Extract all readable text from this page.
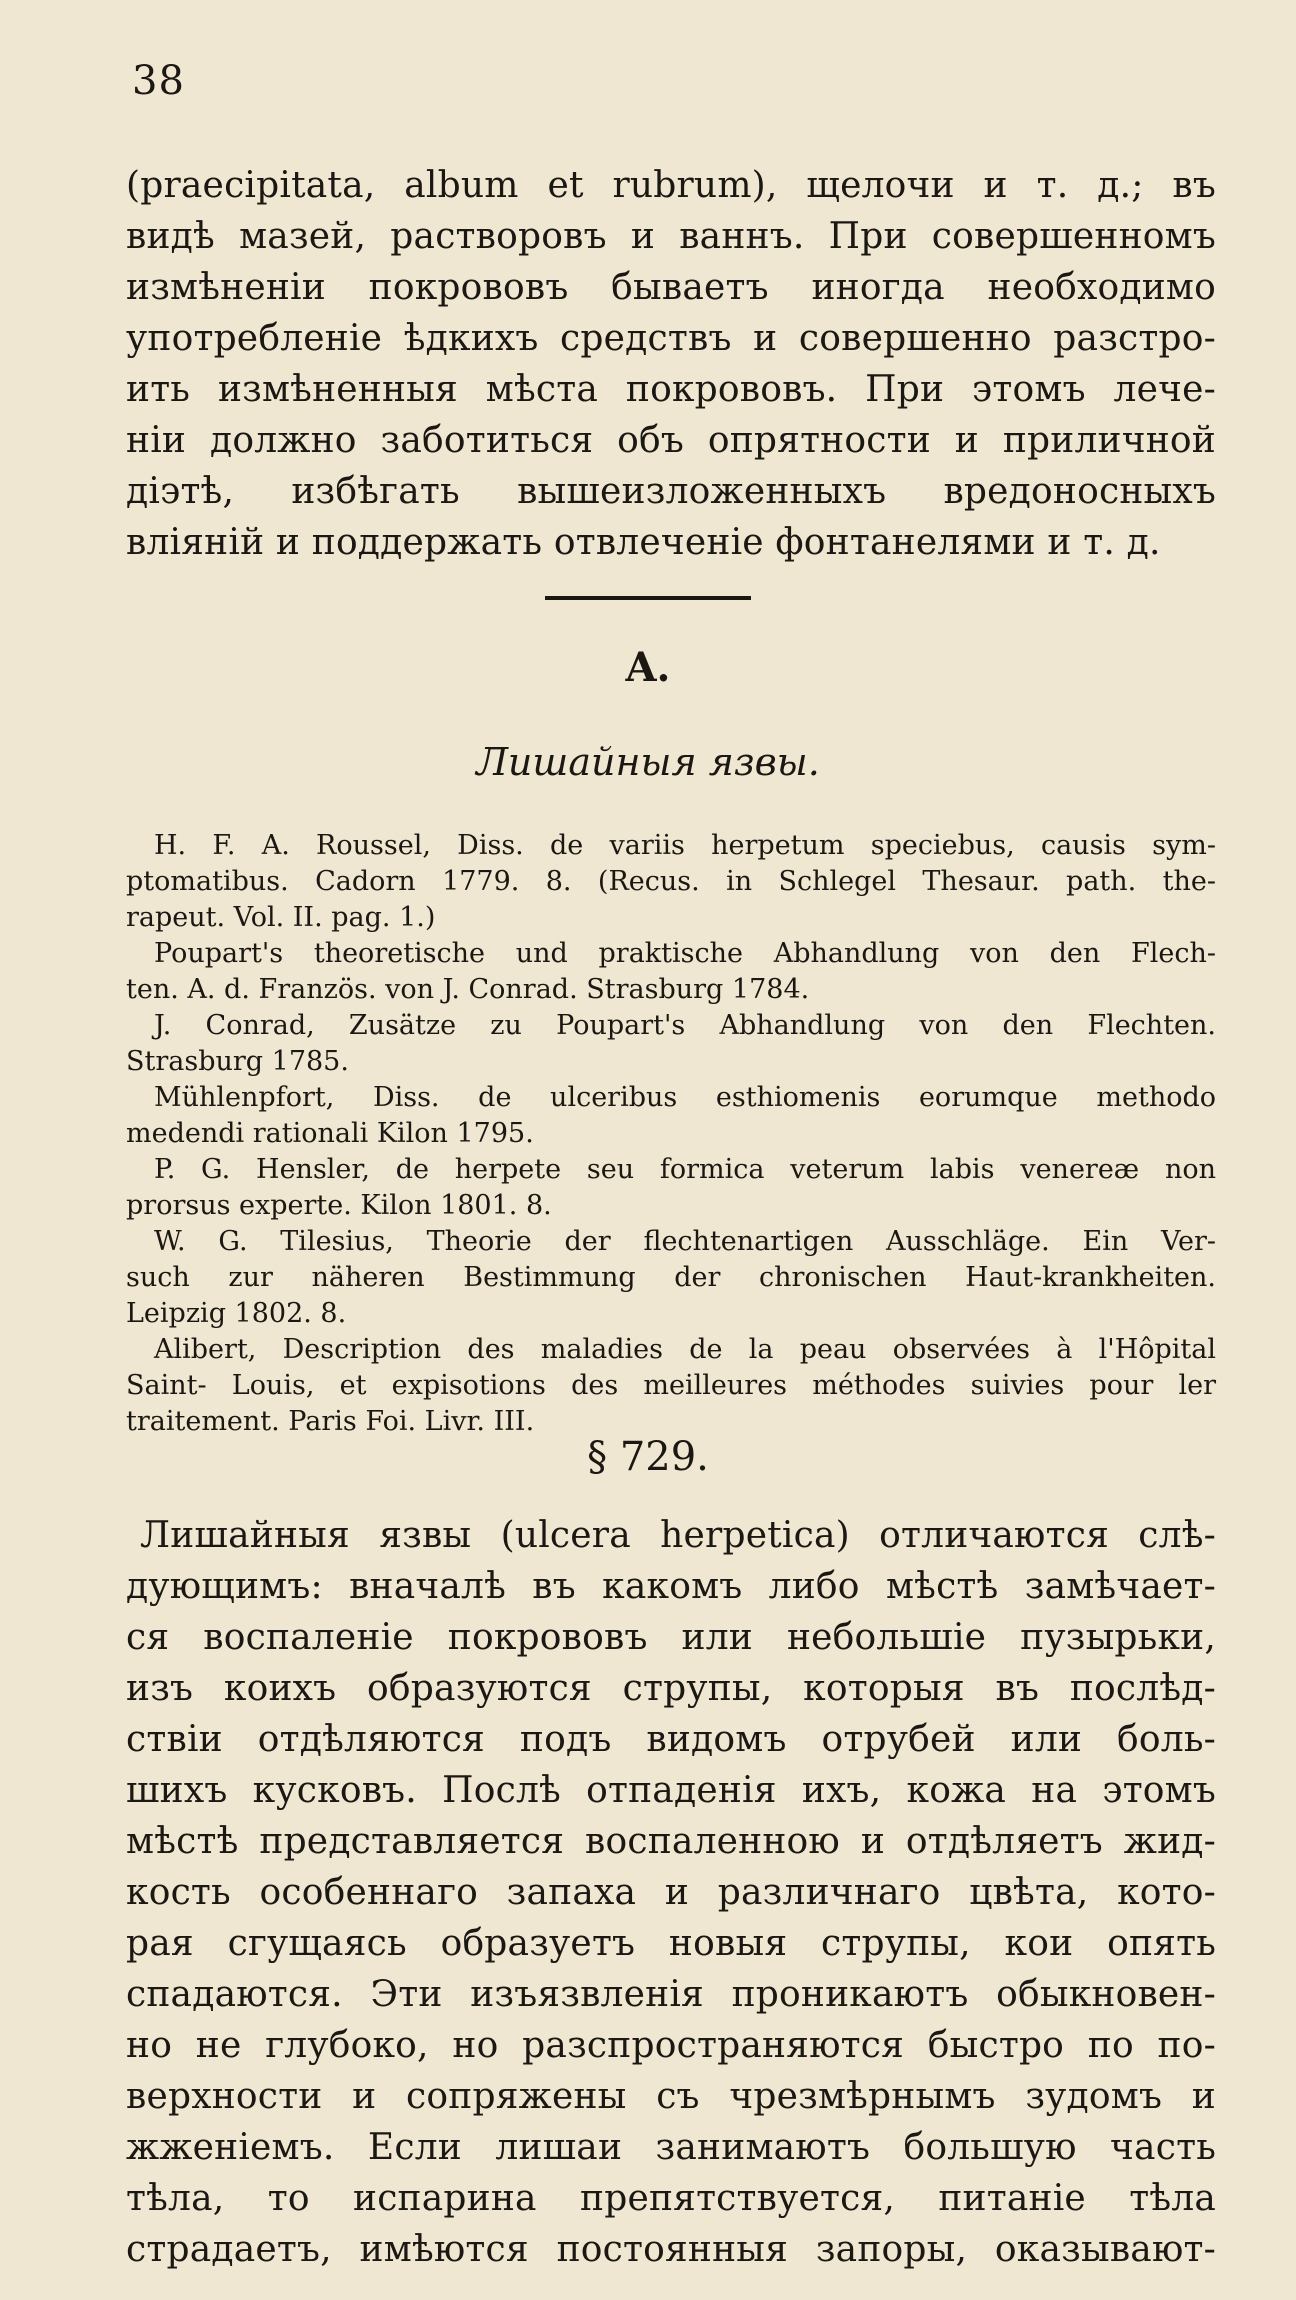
38
(praecipitata, album et rubrum), щелочи и т. д.; въ
видѣ мазей, растворовъ и ваннъ. При совершенномъ
измѣненіи покрововъ бываетъ иногда необходимо
употребленіе ѣдкихъ средствъ и совершенно разстро-
ить измѣненныя мѣста покрововъ. При этомъ лече-
ніи должно заботиться объ опрятности и приличной
діэтѣ, избѣгать вышеизложенныхъ вредоносныхъ
вліяній и поддержать отвлеченіе фонтанелями и т. д.
A.
Лишайныя язвы.
H. F. A. Roussel, Diss. de variis herpetum speciebus, causis sym-
ptomatibus. Cadorn 1779. 8. (Recus. in Schlegel Thesaur. path. the-
rapeut. Vol. II. pag. 1.)
Poupart's theoretische und praktische Abhandlung von den Flech-
ten. A. d. Französ. von J. Conrad. Strasburg 1784.
J. Conrad, Zusätze zu Poupart's Abhandlung von den Flechten.
Strasburg 1785.
Mühlenpfort, Diss. de ulceribus esthiomenis eorumque methodo
medendi rationali Kilon 1795.
P. G. Hensler, de herpete seu formica veterum labis venereæ non
prorsus experte. Kilon 1801. 8.
W. G. Tilesius, Theorie der flechtenartigen Ausschläge. Ein Ver-
such zur näheren Bestimmung der chronischen Haut-krankheiten.
Leipzig 1802. 8.
Alibert, Description des maladies de la peau observées à l'Hôpital
Saint- Louis, et expisotions des meilleures méthodes suivies pour ler
traitement. Paris Foi. Livr. III.
§ 729.
Лишайныя язвы (ulcera herpetica) отличаются слѣ-
дующимъ: вначалѣ въ какомъ либо мѣстѣ замѣчает-
ся воспаленіе покрововъ или небольшіе пузырьки,
изъ коихъ образуются струпы, которыя въ послѣд-
ствіи отдѣляются подъ видомъ отрубей или боль-
шихъ кусковъ. Послѣ отпаденія ихъ, кожа на этомъ
мѣстѣ представляется воспаленною и отдѣляетъ жид-
кость особеннаго запаха и различнаго цвѣта, кото-
рая сгущаясь образуетъ новыя струпы, кои опять
спадаются. Эти изъязвленія проникаютъ обыкновен-
но не глубоко, но разспространяются быстро по по-
верхности и сопряжены съ чрезмѣрнымъ зудомъ и
жженіемъ. Если лишаи занимаютъ большую часть
тѣла, то испарина препятствуется, питаніе тѣла
страдаетъ, имѣются постоянныя запоры, оказывают-
